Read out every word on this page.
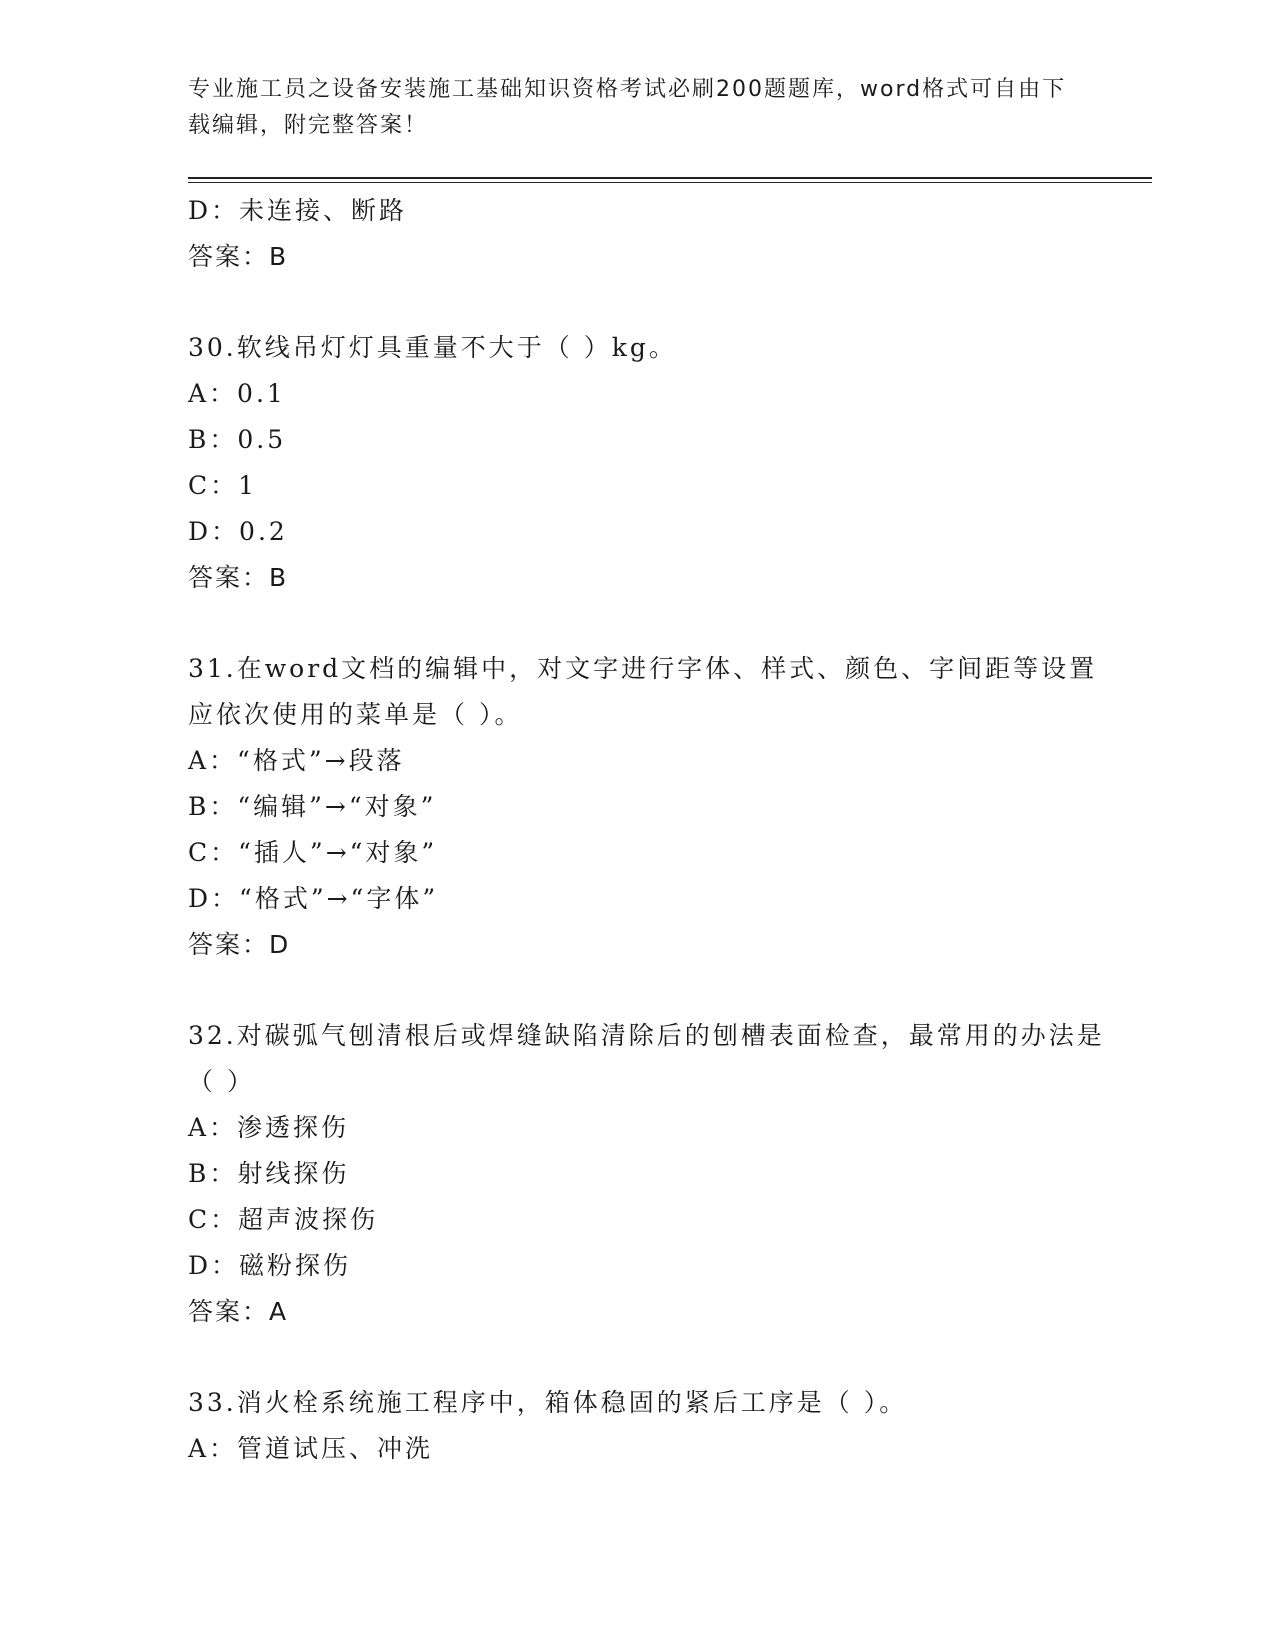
专业施工员之设备安装施工基础知识资格考试必刷200题题库，word格式可自由下载编辑，附完整答案！
D：未连接、断路
答案：B
30.软线吊灯灯具重量不大于（ ）kg。
A：0.1
B：0.5
C：1
D：0.2
答案：B
31.在word文档的编辑中，对文字进行字体、样式、颜色、字间距等设置应依次使用的菜单是（ ）。
A：“格式”→段落
B：“编辑”→“对象”
C：“插人”→“对象”
D：“格式”→“字体”
答案：D
32.对碳弧气刨清根后或焊缝缺陷清除后的刨槽表面检查，最常用的办法是（ ）
A：渗透探伤
B：射线探伤
C：超声波探伤
D：磁粉探伤
答案：A
33.消火栓系统施工程序中，箱体稳固的紧后工序是（ ）。
A：管道试压、冲洗
